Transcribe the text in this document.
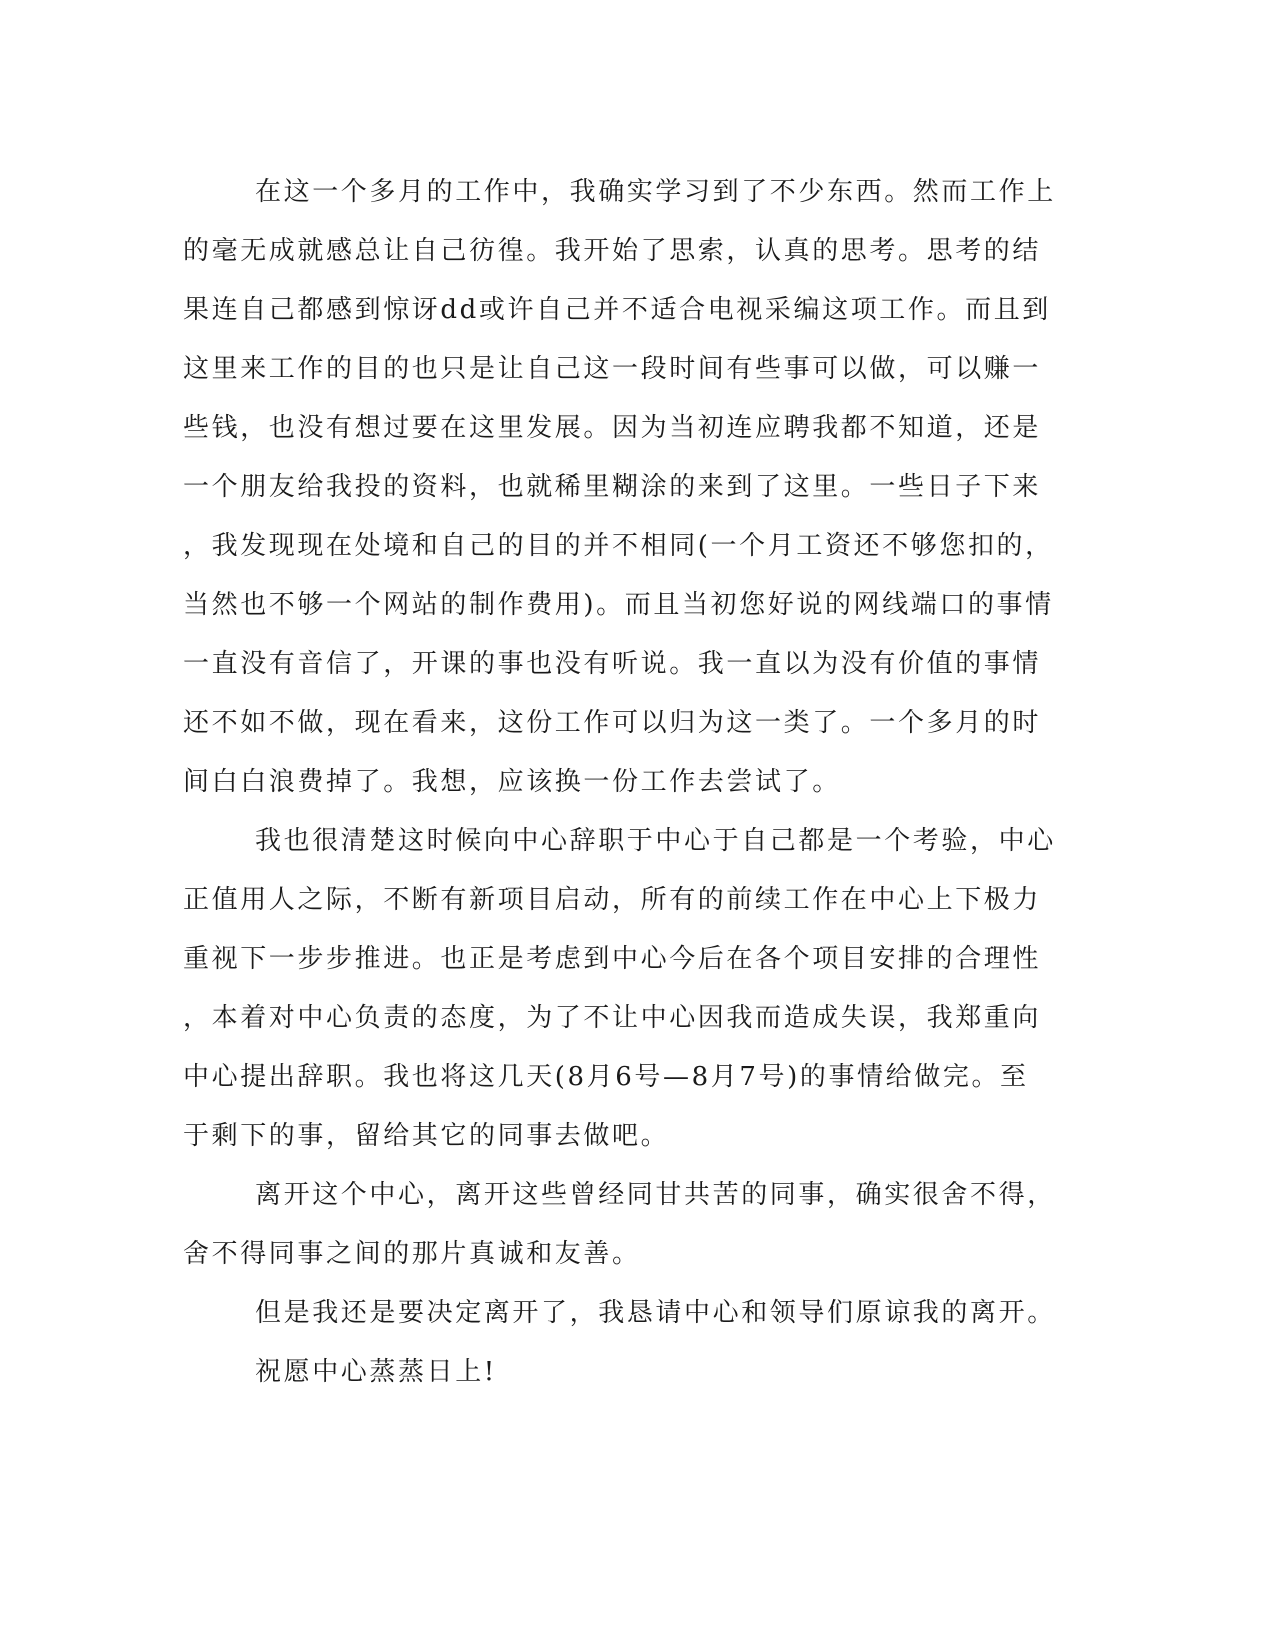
在这一个多月的工作中，我确实学习到了不少东西。然而工作上
的毫无成就感总让自己彷徨。我开始了思索，认真的思考。思考的结
果连自己都感到惊讶dd或许自己并不适合电视采编这项工作。而且到
这里来工作的目的也只是让自己这一段时间有些事可以做，可以赚一
些钱，也没有想过要在这里发展。因为当初连应聘我都不知道，还是
一个朋友给我投的资料，也就稀里糊涂的来到了这里。一些日子下来
，我发现现在处境和自己的目的并不相同(一个月工资还不够您扣的，
当然也不够一个网站的制作费用)。而且当初您好说的网线端口的事情
一直没有音信了，开课的事也没有听说。我一直以为没有价值的事情
还不如不做，现在看来，这份工作可以归为这一类了。一个多月的时
间白白浪费掉了。我想，应该换一份工作去尝试了。
我也很清楚这时候向中心辞职于中心于自己都是一个考验，中心
正值用人之际，不断有新项目启动，所有的前续工作在中心上下极力
重视下一步步推进。也正是考虑到中心今后在各个项目安排的合理性
，本着对中心负责的态度，为了不让中心因我而造成失误，我郑重向
中心提出辞职。我也将这几天(8月6号—8月7号)的事情给做完。至
于剩下的事，留给其它的同事去做吧。
离开这个中心，离开这些曾经同甘共苦的同事，确实很舍不得，
舍不得同事之间的那片真诚和友善。
但是我还是要决定离开了，我恳请中心和领导们原谅我的离开。
祝愿中心蒸蒸日上!
